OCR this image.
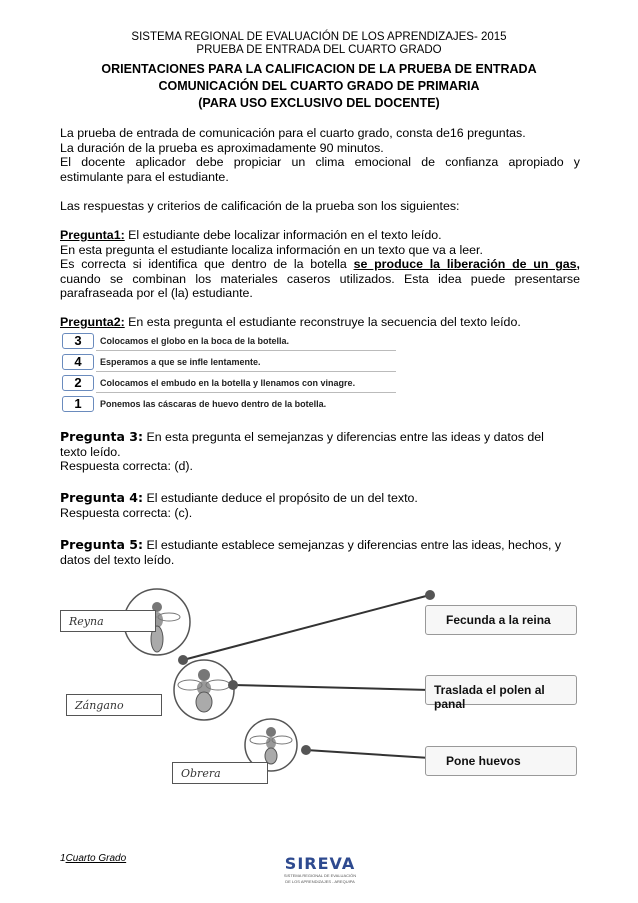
SISTEMA REGIONAL DE EVALUACIÓN DE LOS APRENDIZAJES- 2015
PRUEBA DE ENTRADA DEL CUARTO GRADO
ORIENTACIONES PARA LA CALIFICACION DE LA PRUEBA DE ENTRADA
COMUNICACIÓN DEL CUARTO GRADO DE PRIMARIA
(PARA USO EXCLUSIVO DEL DOCENTE)
La prueba de entrada de comunicación para el cuarto grado, consta de16 preguntas.
La duración de la prueba es aproximadamente 90 minutos.
El docente aplicador debe propiciar un clima emocional de confianza apropiado y
estimulante para el estudiante.
Las respuestas y criterios de calificación de la prueba son los siguientes:
Pregunta1: El estudiante debe localizar información en el texto leído.
En esta pregunta el estudiante localiza información en un texto que va a leer.
Es correcta si identifica que dentro de la botella se produce la liberación de un gas,
cuando se combinan los materiales caseros utilizados. Esta idea puede presentarse
parafraseada por el (la) estudiante.
Pregunta2: En esta pregunta el estudiante reconstruye la secuencia del texto leído.
3	Colocamos el globo en la boca de la botella.
4	Esperamos a que se infle lentamente.
2	Colocamos el embudo en la botella y llenamos con vinagre.
1	Ponemos las cáscaras de huevo dentro de la botella.
Pregunta 3: En esta pregunta el semejanzas y diferencias entre las ideas y datos del
texto leído.
Respuesta correcta: (d).
Pregunta 4: El estudiante deduce el propósito de un del texto.
Respuesta correcta: (c).
Pregunta 5: El estudiante establece semejanzas y diferencias entre las ideas, hechos, y
datos del texto leído.
Reyna
Zángano
Obrera
Fecunda a la reina
Traslada el polen al panal
Pone huevos
1Cuarto Grado	SIREVA
SISTEMA REGIONAL DE EVALUACIÓN
DE LOS APRENDIZAJES - AREQUIPA
